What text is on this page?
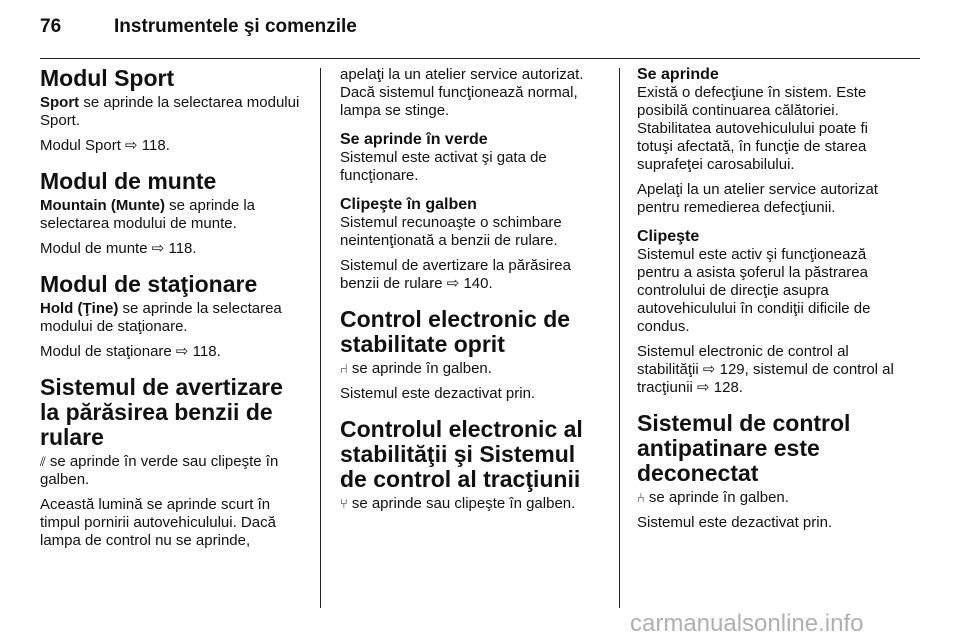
76	Instrumentele şi comenzile
Modul Sport

Sport se aprinde la selectarea modului Sport.

Modul Sport ⇨ 118.

Modul de munte

Mountain (Munte) se aprinde la selectarea modului de munte.

Modul de munte ⇨ 118.

Modul de staţionare

Hold (Ţine) se aprinde la selectarea modului de staţionare.

Modul de staţionare ⇨ 118.

Sistemul de avertizare la părăsirea benzii de rulare

⫽ se aprinde în verde sau clipeşte în galben.

Această lumină se aprinde scurt în timpul pornirii autovehiculului. Dacă lampa de control nu se aprinde,

apelaţi la un atelier service autorizat. Dacă sistemul funcţionează normal, lampa se stinge.

Se aprinde în verde

Sistemul este activat şi gata de funcţionare.

Clipeşte în galben

Sistemul recunoaşte o schimbare neintenţionată a benzii de rulare.

Sistemul de avertizare la părăsirea benzii de rulare ⇨ 140.

Control electronic de stabilitate oprit

⑁ se aprinde în galben.

Sistemul este dezactivat prin.

Controlul electronic al stabilităţii şi Sistemul de control al tracţiunii

⑂ se aprinde sau clipeşte în galben.

Se aprinde

Există o defecţiune în sistem. Este posibilă continuarea călătoriei. Stabilitatea autovehiculului poate fi totuşi afectată, în funcţie de starea suprafeţei carosabilului.

Apelaţi la un atelier service autorizat pentru remedierea defecţiunii.

Clipeşte

Sistemul este activ şi funcţionează pentru a asista şoferul la păstrarea controlului de direcţie asupra autovehiculului în condiţii dificile de condus.

Sistemul electronic de control al stabilităţii ⇨ 129, sistemul de control al tracţiunii ⇨ 128.

Sistemul de control antipatinare este deconectat

⑃ se aprinde în galben.

Sistemul este dezactivat prin.

carmanualsonline.info
